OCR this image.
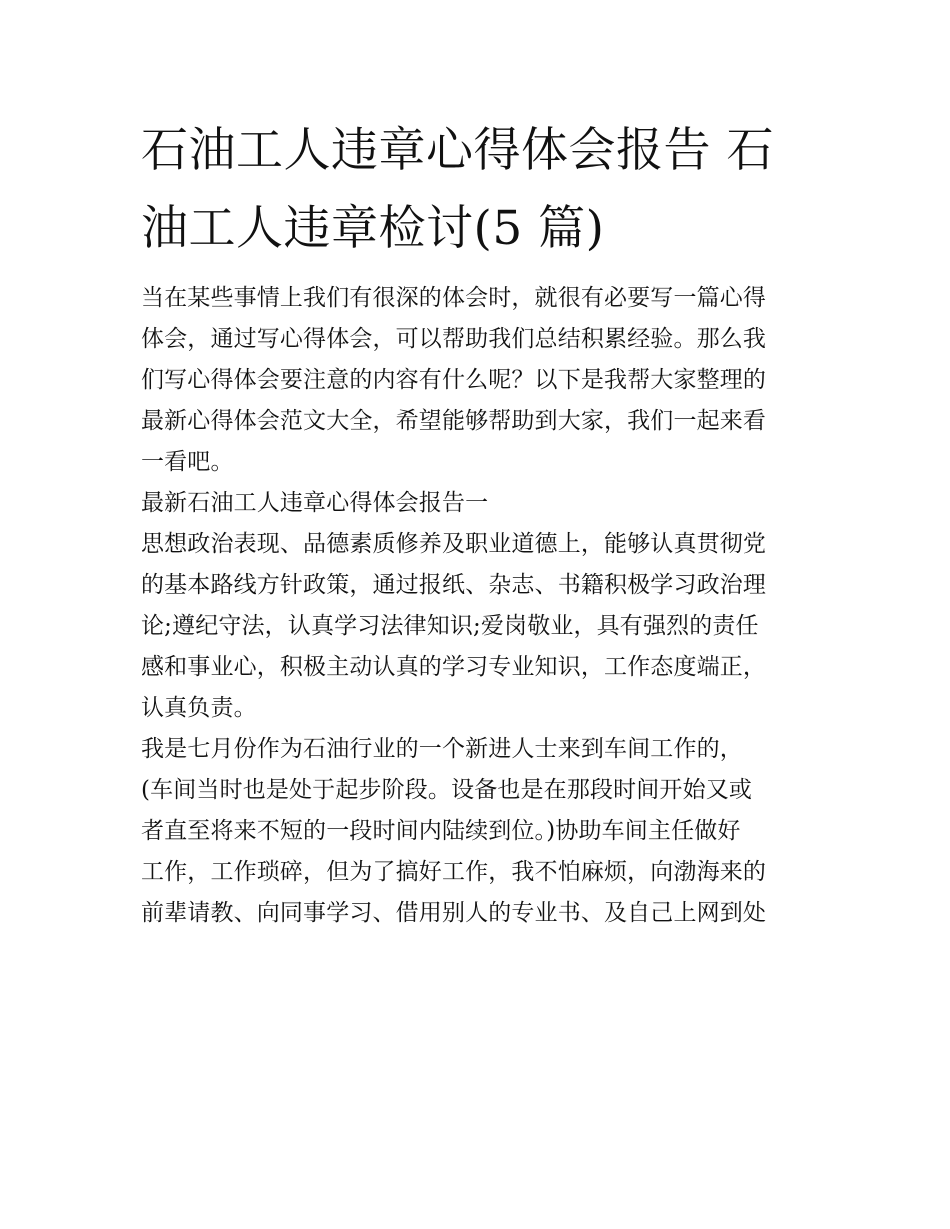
石油工人违章心得体会报告 石
油工人违章检讨(5 篇)
当在某些事情上我们有很深的体会时，就很有必要写一篇心得
体会，通过写心得体会，可以帮助我们总结积累经验。那么我
们写心得体会要注意的内容有什么呢？以下是我帮大家整理的
最新心得体会范文大全，希望能够帮助到大家，我们一起来看
一看吧。
最新石油工人违章心得体会报告一
思想政治表现、品德素质修养及职业道德上，能够认真贯彻党
的基本路线方针政策，通过报纸、杂志、书籍积极学习政治理
论;遵纪守法，认真学习法律知识;爱岗敬业，具有强烈的责任
感和事业心，积极主动认真的学习专业知识，工作态度端正，
认真负责。
我是七月份作为石油行业的一个新进人士来到车间工作的，
(车间当时也是处于起步阶段。设备也是在那段时间开始又或
者直至将来不短的一段时间内陆续到位。)协助车间主任做好
工作，工作琐碎，但为了搞好工作，我不怕麻烦，向渤海来的
前辈请教、向同事学习、借用别人的专业书、及自己上网到处
